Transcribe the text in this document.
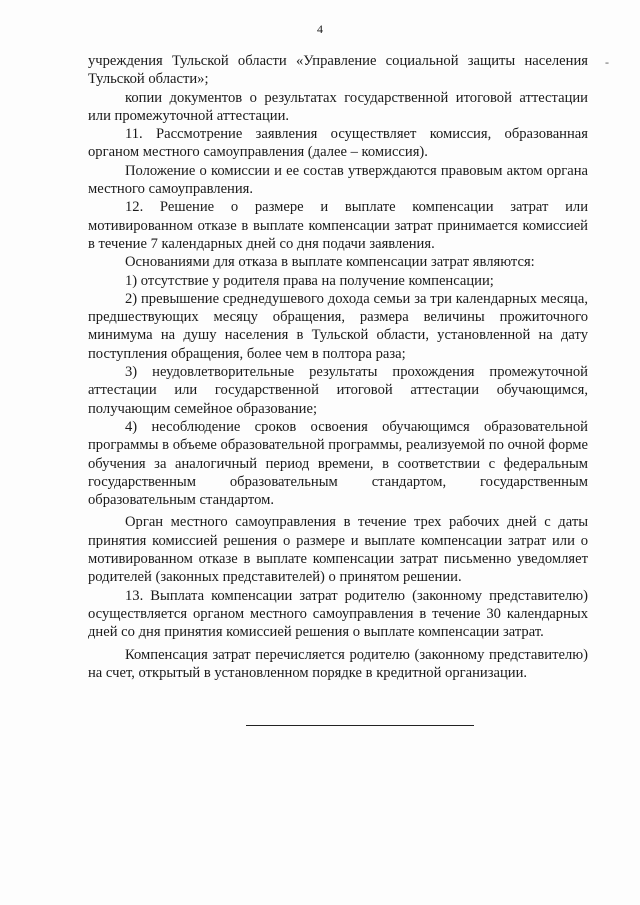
4
-

учреждения Тульской области «Управление социальной защиты населения Тульской области»;

копии документов о результатах государственной итоговой аттестации или промежуточной аттестации.

11. Рассмотрение заявления осуществляет комиссия, образованная органом местного самоуправления (далее – комиссия).

Положение о комиссии и ее состав утверждаются правовым актом органа местного самоуправления.

12. Решение о размере и выплате компенсации затрат или мотивированном отказе в выплате компенсации затрат принимается комиссией в течение 7 календарных дней со дня подачи заявления.

Основаниями для отказа в выплате компенсации затрат являются:

1) отсутствие у родителя права на получение компенсации;

2) превышение среднедушевого дохода семьи за три календарных месяца, предшествующих месяцу обращения, размера величины прожиточного минимума на душу населения в Тульской области, установленной на дату поступления обращения, более чем в полтора раза;

3) неудовлетворительные результаты прохождения промежуточной аттестации или государственной итоговой аттестации обучающимся, получающим семейное образование;

4) несоблюдение сроков освоения обучающимся образовательной программы в объеме образовательной программы, реализуемой по очной форме обучения за аналогичный период времени, в соответствии с федеральным государственным образовательным стандартом, государственным образовательным стандартом.

Орган местного самоуправления в течение трех рабочих дней с даты принятия комиссией решения о размере и выплате компенсации затрат или о мотивированном отказе в выплате компенсации затрат письменно уведомляет родителей (законных представителей) о принятом решении.

13. Выплата компенсации затрат родителю (законному представителю) осуществляется органом местного самоуправления в течение 30 календарных дней со дня принятия комиссией решения о выплате компенсации затрат.

Компенсация затрат перечисляется родителю (законному представителю) на счет, открытый в установленном порядке в кредитной организации.
